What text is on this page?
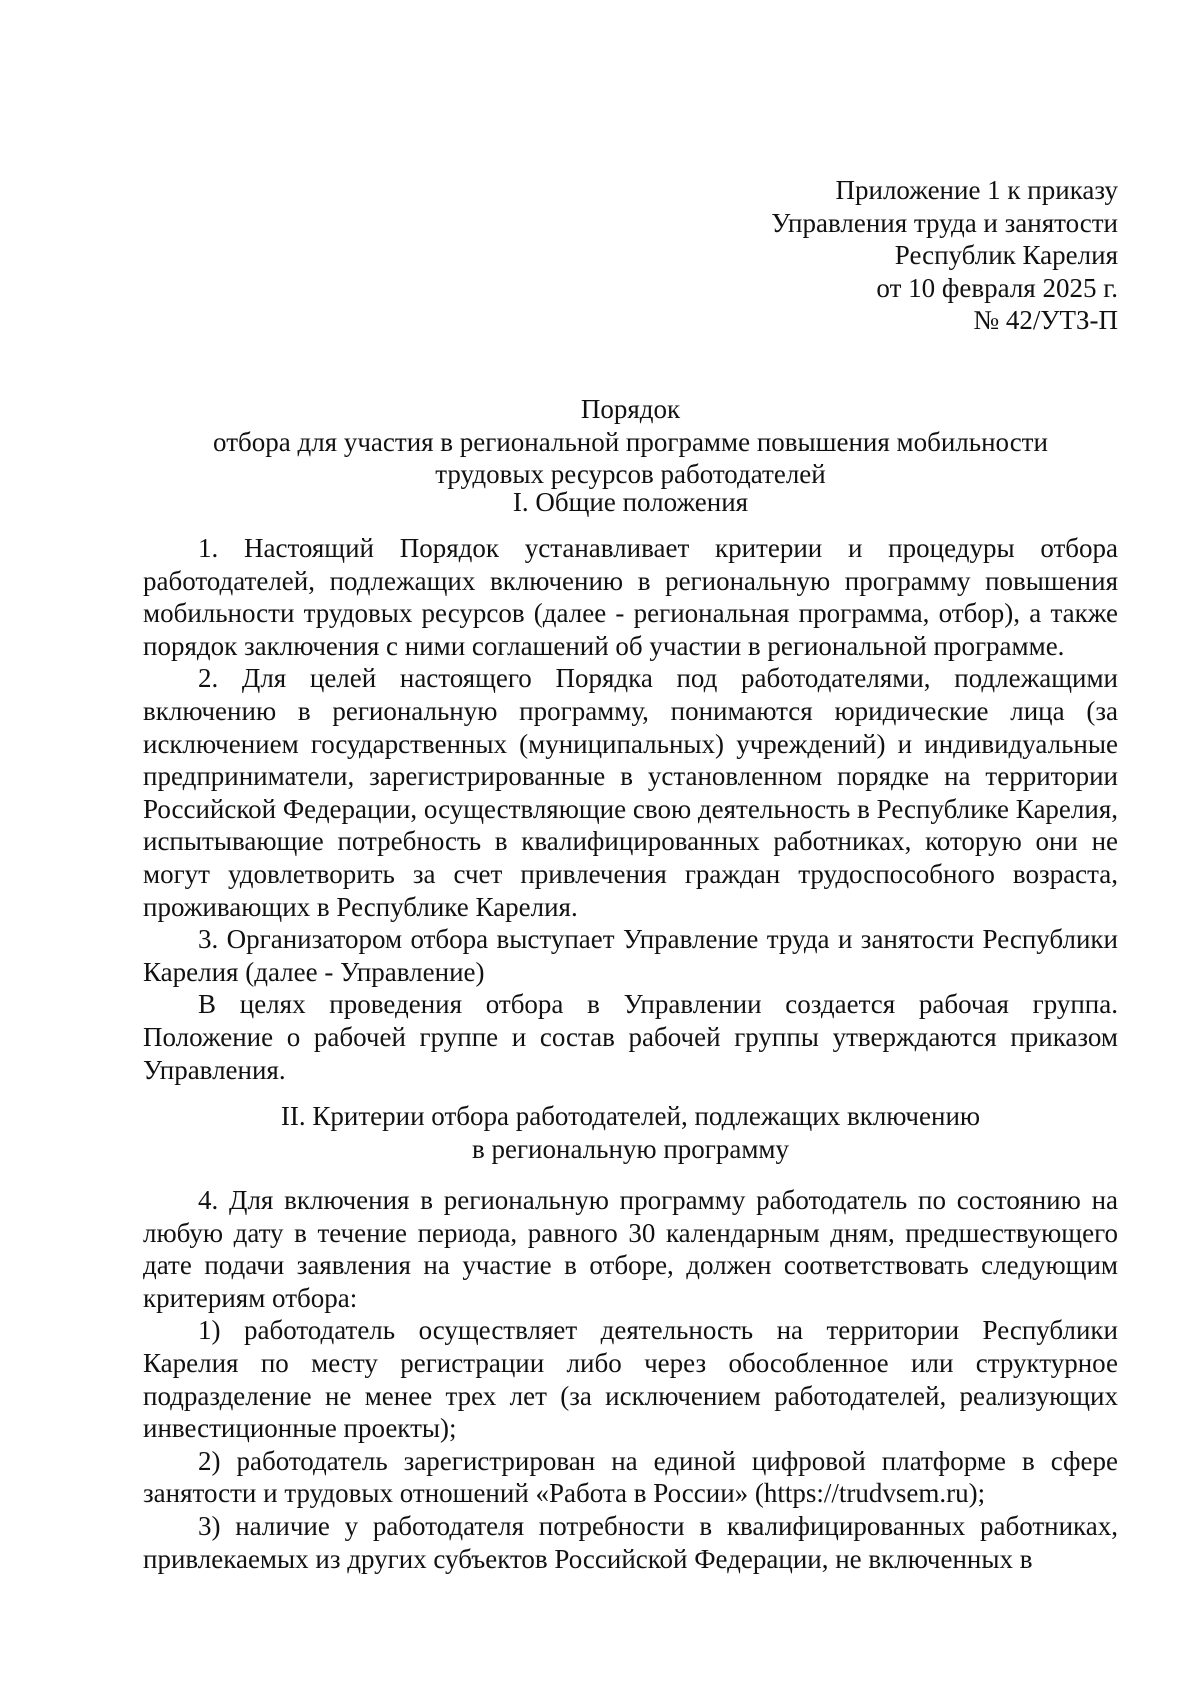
Приложение 1 к приказу
Управления труда и занятости
Республик Карелия
от 10 февраля 2025 г.
№ 42/УТЗ-П
Порядок
отбора для участия в региональной программе повышения мобильности
трудовых ресурсов работодателей
I. Общие положения

1. Настоящий Порядок устанавливает критерии и процедуры отбора работодателей, подлежащих включению в региональную программу повышения мобильности трудовых ресурсов (далее - региональная программа, отбор), а также порядок заключения с ними соглашений об участии в региональной программе.

2. Для целей настоящего Порядка под работодателями, подлежащими включению в региональную программу, понимаются юридические лица (за исключением государственных (муниципальных) учреждений) и индивидуальные предприниматели, зарегистрированные в установленном порядке на территории Российской Федерации, осуществляющие свою деятельность в Республике Карелия, испытывающие потребность в квалифицированных работниках, которую они не могут удовлетворить за счет привлечения граждан трудоспособного возраста, проживающих в Республике Карелия.

3. Организатором отбора выступает Управление труда и занятости Республики Карелия (далее - Управление)

В целях проведения отбора в Управлении создается рабочая группа. Положение о рабочей группе и состав рабочей группы утверждаются приказом Управления.

II. Критерии отбора работодателей, подлежащих включению
в региональную программу

4. Для включения в региональную программу работодатель по состоянию на любую дату в течение периода, равного 30 календарным дням, предшествующего дате подачи заявления на участие в отборе, должен соответствовать следующим критериям отбора:

1) работодатель осуществляет деятельность на территории Республики Карелия по месту регистрации либо через обособленное или структурное подразделение не менее трех лет (за исключением работодателей, реализующих инвестиционные проекты);

2) работодатель зарегистрирован на единой цифровой платформе в сфере занятости и трудовых отношений «Работа в России» (https://trudvsem.ru);

3) наличие у работодателя потребности в квалифицированных работниках, привлекаемых из других субъектов Российской Федерации, не включенных в
